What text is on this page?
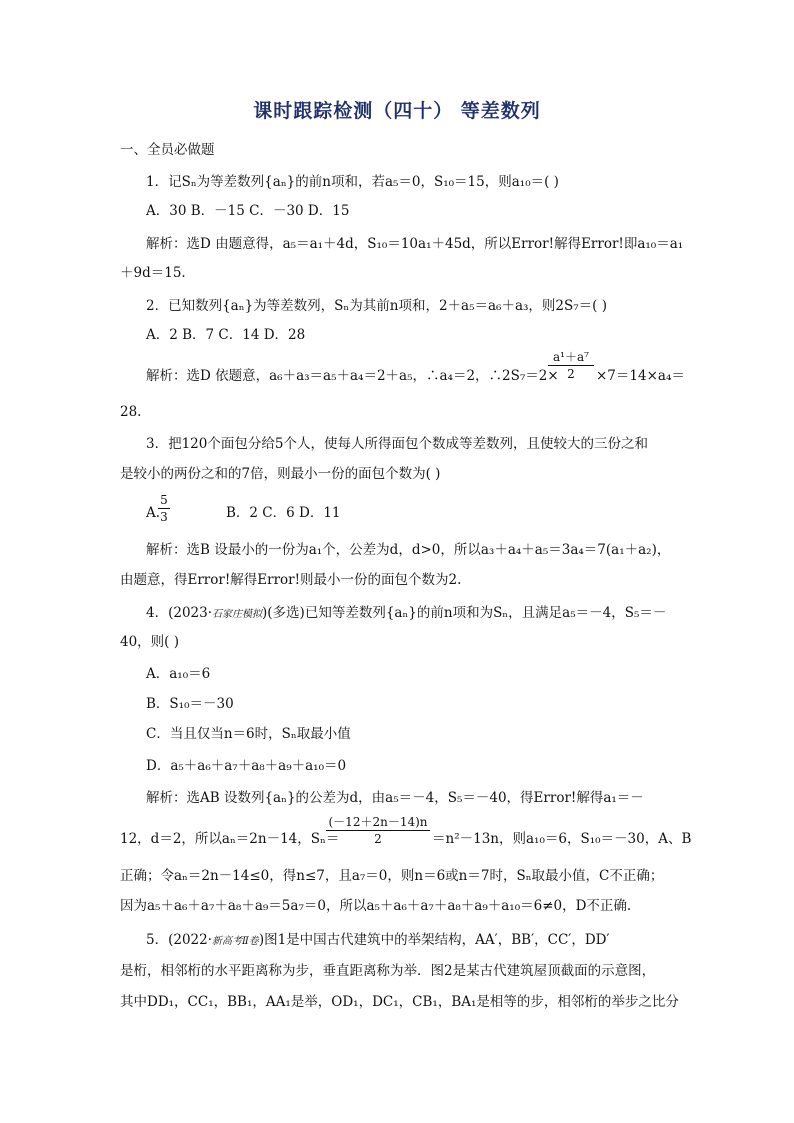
课时跟踪检测（四十） 等差数列
一、全员必做题
1．记Sₙ为等差数列{aₙ}的前n项和，若a₅＝0，S₁₀＝15，则a₁₀＝( )
A．30 B．－15 C．－30 D．15
解析：选D 由题意得，a₅＝a₁＋4d，S₁₀＝10a₁＋45d，所以Error!解得Error!即a₁₀＝a₁
＋9d＝15.
2．已知数列{aₙ}为等差数列，Sₙ为其前n项和，2＋a₅＝a₆＋a₃，则2S₇＝( )
A．2 B．7 C．14 D．28
解析：选D 依题意，a₆＋a₃＝a₅＋a₄＝2＋a₅，∴a₄＝2，∴2S₇＝2×
a¹＋a⁷
2	×7＝14×a₄＝
28.
3．把120个面包分给5个人，使每人所得面包个数成等差数列，且使较大的三份之和
是较小的两份之和的7倍，则最小一份的面包个数为( )
A.
5
3	B．2 C．6 D．11
解析：选B 设最小的一份为a₁个，公差为d，d>0，所以a₃＋a₄＋a₅＝3a₄＝7(a₁＋a₂)，
由题意，得Error!解得Error!则最小一份的面包个数为2.
4．(2023·石家庄模拟)(多选)已知等差数列{aₙ}的前n项和为Sₙ，且满足a₅＝－4，S₅＝－
40，则( )
A．a₁₀＝6
B．S₁₀＝－30
C．当且仅当n＝6时，Sₙ取最小值
D．a₅＋a₆＋a₇＋a₈＋a₉＋a₁₀＝0
解析：选AB 设数列{aₙ}的公差为d，由a₅＝－4，S₅＝－40，得Error!解得a₁＝－
12，d＝2，所以aₙ＝2n－14，Sₙ＝
(－12＋2n－14)n
2	＝n²－13n，则a₁₀＝6，S₁₀＝－30，A、B
正确；令aₙ＝2n－14≤0，得n≤7，且a₇＝0，则n＝6或n＝7时，Sₙ取最小值，C不正确；
因为a₅＋a₆＋a₇＋a₈＋a₉＝5a₇＝0，所以a₅＋a₆＋a₇＋a₈＋a₉＋a₁₀＝6≠0，D不正确.
5．(2022·新高考Ⅱ卷)图1是中国古代建筑中的举架结构，AA′，BB′，CC′，DD′
是桁，相邻桁的水平距离称为步，垂直距离称为举．图2是某古代建筑屋顶截面的示意图，
其中DD₁，CC₁，BB₁，AA₁是举，OD₁，DC₁，CB₁，BA₁是相等的步，相邻桁的举步之比分
